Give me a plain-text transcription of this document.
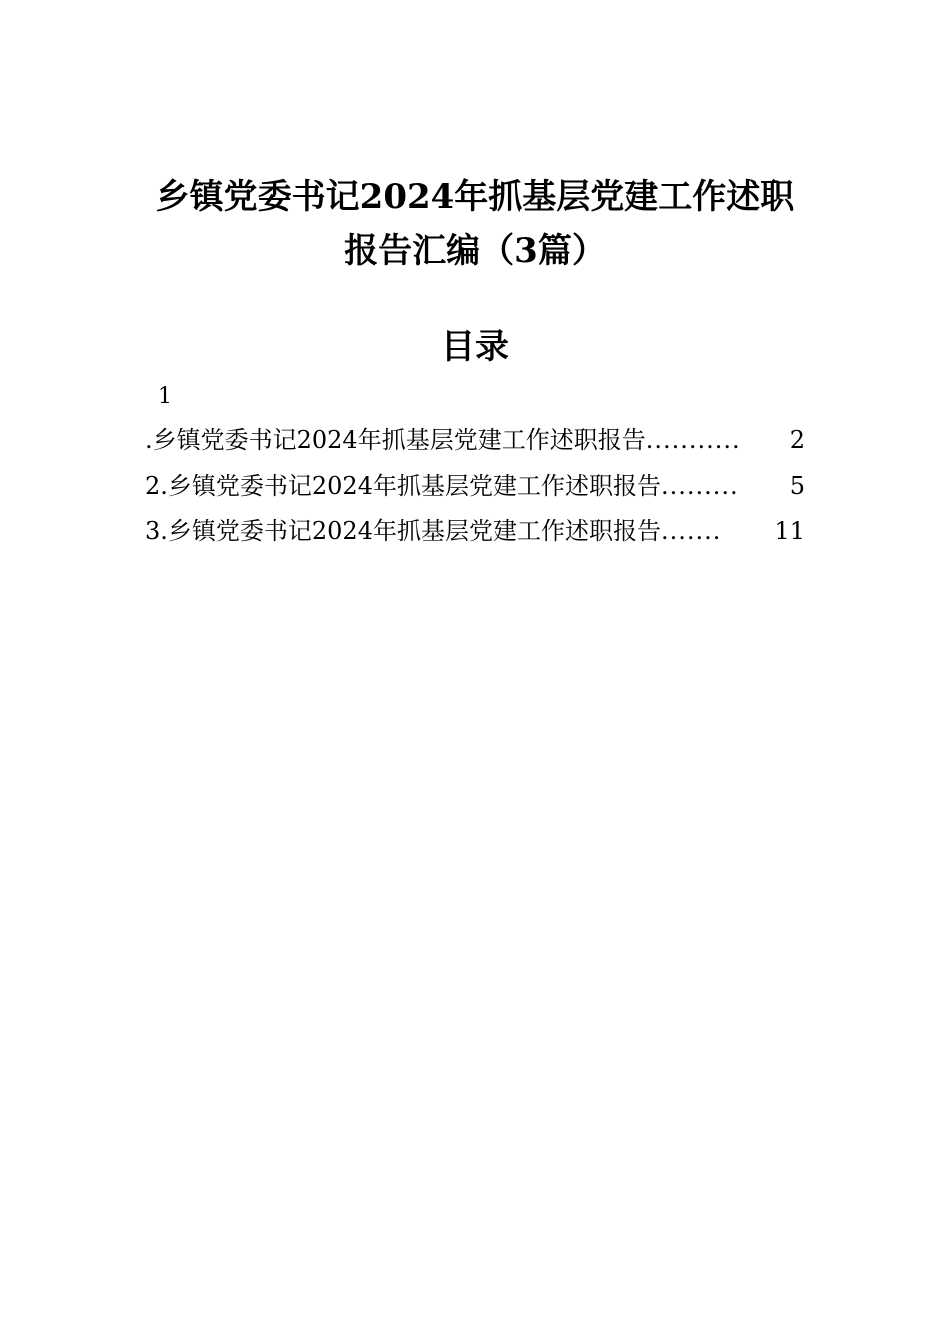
乡镇党委书记2024年抓基层党建工作述职
报告汇编（3篇）
目录
1
.乡镇党委书记2024年抓基层党建工作述职报告 ...........	2
2.乡镇党委书记2024年抓基层党建工作述职报告 .........	5
3.乡镇党委书记2024年抓基层党建工作述职报告 .......	11
